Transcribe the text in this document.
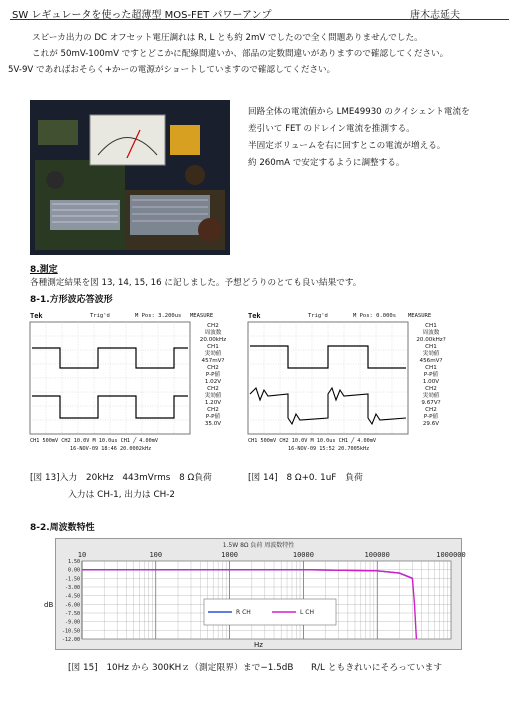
SW レギュレータを使った超薄型 MOS-FET パワーアンプ	唐木志延夫
スピーカ出力の DC オフセット電圧調れは R, L とも約 2mV でしたので全く問題ありませんでした。
これが 50mV-100mV ですとどこかに配線間違いか、部品の定数間違いがありますので確認してください。
5V-9V であればおそらく+かーの電源がショートしていますので確認してください。
回路全体の電流値から LME49930 のクイシェント電流を
差引いて FET のドレイン電流を推測する。
半固定ボリュームを右に回すとこの電流が増える。
約 260mA で安定するように調整する。
8.測定
各種測定結果を図 13, 14, 15, 16 に記しました。予想どうりのとても良い結果です。
8-1.方形波応答波形
Tek	Trig'd	M Pos: 3.200us MEASURE
CH2
周波数
20.00kHz
CH1
実効値
457mV?
CH2
P-P値
1.02V
CH2
実効値
1.20V
CH2
P-P値
35.0V
CH1 500mV CH2 10.0V M 10.0us CH1 ╱ 4.00mV
16-NOV-09 18:46 20.0002kHz
Tek	Trig'd	M Pos: 0.000s MEASURE
CH1
周波数
20.00kHz?
CH1
実効値
456mV?
CH1
P-P値
1.00V
CH2
実効値
9.67V?
CH2
P-P値
29.6V
CH1 500mV CH2 10.0V M 10.0us CH1 ╱ 4.00mV
16-NOV-09 15:52 20.7005kHz
[図 13]入力　20kHz　443mVrms　8 Ω負荷
入力は CH-1, 出力は CH-2
[図 14]　8 Ω+0. 1uF　負荷
8-2.周波数特性
1.5W 8Ω 負荷 周波数特性
dB
Hz
1.50
0.00
-1.50
-3.00
-4.50
-6.00
-7.50
-9.00
-10.50
-12.00
10	100	1000	10000	100000	1000000
R CH	L CH
[図 15]　10Hz から 300KHｚ（測定限界）まで−1.5dB　　R/L ともきれいにそろっています
